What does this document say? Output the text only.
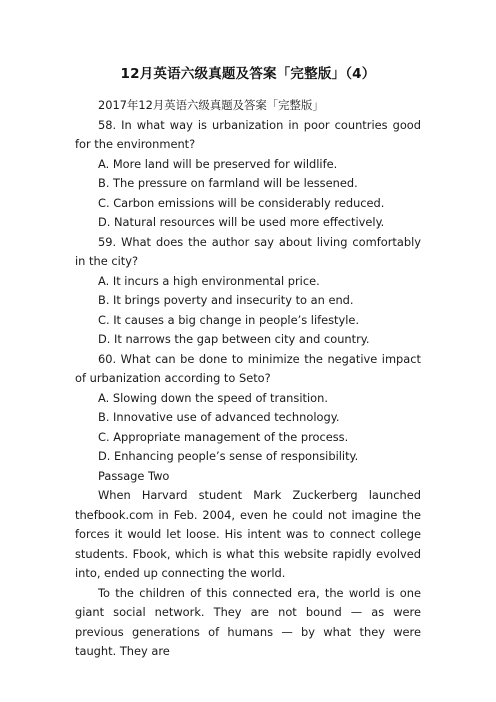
12月英语六级真题及答案「完整版」（4）

2017年12月英语六级真题及答案「完整版」

58. In what way is urbanization in poor countries good for the environment?

A. More land will be preserved for wildlife.

B. The pressure on farmland will be lessened.

C. Carbon emissions will be considerably reduced.

D. Natural resources will be used more effectively.

59. What does the author say about living comfortably in the city?

A. It incurs a high environmental price.

B. It brings poverty and insecurity to an end.

C. It causes a big change in people’s lifestyle.

D. It narrows the gap between city and country.

60. What can be done to minimize the negative impact of urbanization according to Seto?

A. Slowing down the speed of transition.

B. Innovative use of advanced technology.

C. Appropriate management of the process.

D. Enhancing people’s sense of responsibility.

Passage Two

When Harvard student Mark Zuckerberg launched thefbook.com in Feb. 2004, even he could not imagine the forces it would let loose. His intent was to connect college students. Fbook, which is what this website rapidly evolved into, ended up connecting the world.

To the children of this connected era, the world is one giant social network. They are not bound — as were previous generations of humans — by what they were taught. They are
